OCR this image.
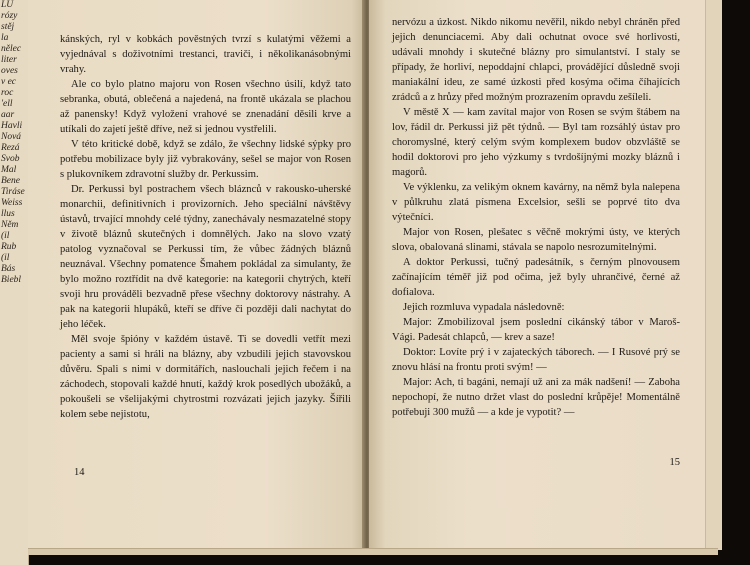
LU
rózy
stěj
la
nělec
liter
oves
v ec
roc
'ell
aar
Havli
Nová
Rezá
Svob
Mal
Bene
Tiráse
Weiss
llus
Něm
(il
Rub
(il
Bás
Biebl

kánských, ryl v kobkách pověstných tvrzí s kulatými věžemi a vyjednával s doživotními trestanci, traviči, i několikanásobnými vrahy.

Ale co bylo platno majoru von Rosen všechno úsilí, když tato sebranka, obutá, oblečená a najedená, na frontě ukázala se plachou až panensky! Když vyložení vrahové se znenadání děsili krve a utíkali do zajetí ještě dříve, než si jednou vystřelili.

V této kritické době, když se zdálo, že všechny lidské sýpky pro potřebu mobilizace byly již vybrakovány, sešel se major von Rosen s plukovníkem zdravotní služby dr. Perkussim.

Dr. Perkussi byl postrachem všech bláznců v rakousko-uherské monarchii, definitivních i provizorních. Jeho speciální návštěvy ústavů, trvající mnohdy celé týdny, zanechávaly nesmazatelné stopy v životě bláznů skutečných i domnělých. Jako na slovo vzatý patolog vyznačoval se Perkussi tím, že vůbec žádných bláznů neuznával. Všechny pomatence Šmahem pokládal za simulanty, že bylo možno roztřídit na dvě kategorie: na kategorii chytrých, kteří svoji hru prováděli bezvadně přese všechny doktorovy nástrahy. A pak na kategorii hlupáků, kteří se dříve či později dali nachytat do jeho léček.

Měl svoje špióny v každém ústavě. Ti se dovedli vetřít mezi pacienty a sami si hráli na blázny, aby vzbudili jejich stavovskou důvěru. Spali s nimi v dormitářích, naslouchali jejich řečem i na záchodech, stopovali každé hnutí, každý krok posedlých ubožáků, a pokoušeli se všelijakými chytrostmi rozvázati jejich jazyky. Šířili kolem sebe nejistotu,

14

nervózu a úzkost. Nikdo nikomu nevěřil, nikdo nebyl chráněn před jejich denunciacemi. Aby dali ochutnat ovoce své horlivosti, udávali mnohdy i skutečné blázny pro simulantství. I staly se případy, že horliví, nepoddajní chlapci, provádějící důsledně svoji maniakální ideu, ze samé úzkosti před kosýma očima číhajících zrádců a z hrůzy před možným prozrazením opravdu zešíleli.

V městě X — kam zavítal major von Rosen se svým štábem na lov, řádil dr. Perkussi již pět týdnů. — Byl tam rozsáhlý ústav pro choromyslné, který celým svým komplexem budov obzvláště se hodil doktorovi pro jeho výzkumy s tvrdošíjnými mozky bláznů i magorů.

Ve výklenku, za velikým oknem kavárny, na němž byla nalepena v půlkruhu zlatá písmena Excelsior, sešli se poprvé tito dva výtečníci.

Major von Rosen, plešatec s věčně mokrými ústy, ve kterých slova, obalovaná slinami, stávala se napolo nesrozumitelnými.

A doktor Perkussi, tučný padesátník, s černým plnovousem začínajícím téměř již pod očima, jež byly uhrančivé, černé až dofialova.

Jejich rozmluva vypadala následovně:

Major: Zmobilizoval jsem poslední cikánský tábor v Maroš-Vági. Padesát chlapců, — krev a saze!

Doktor: Lovíte prý i v zajateckých táborech. — I Rusové prý se znovu hlásí na frontu proti svým! —

Major: Ach, ti bagáni, nemají už ani za mák nadšení! — Zaboha nepochopí, že nutno držet vlast do poslední krůpěje! Momentálně potřebuji 300 mužů — a kde je vypotit? —

15
